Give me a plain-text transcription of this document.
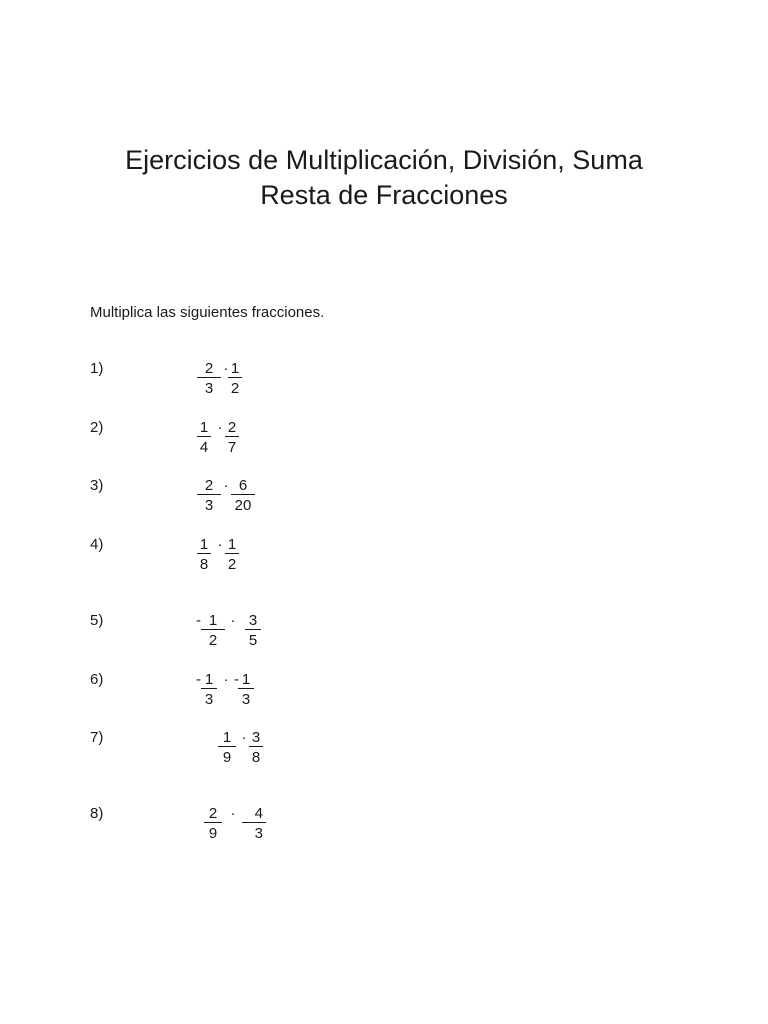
Ejercicios de Multiplicación, División, Suma
Resta de Fracciones

Multiplica las siguientes fracciones.

1)	2
3
· 1
2
2)	1
4
· 2
7
3)	2
3
· 6
20
4)	1
8
· 1
2
5)	- 1
2
· 3
5
6)	- 1
3
· - 1
3
7)	1
9
· 3
8
8)	2
9
·	4
3
